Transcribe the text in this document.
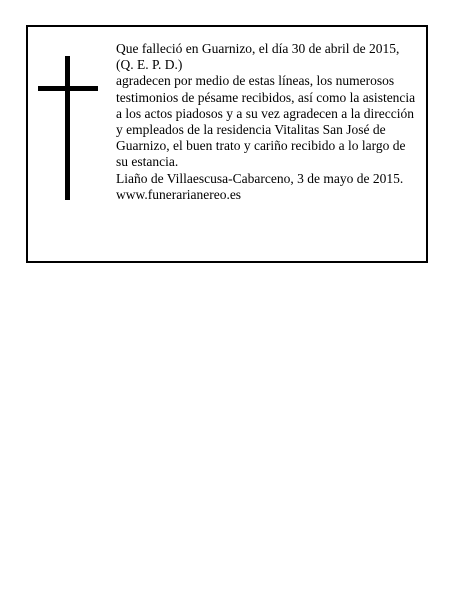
Que falleció en Guarnizo, el día 30 de abril de 2015,

(Q. E. P. D.)

agradecen por medio de estas líneas, los numerosos

testimonios de pésame recibidos, así como la asistencia

a los actos piadosos y a su vez agradecen a la dirección

y empleados de la residencia Vitalitas San José de

Guarnizo, el buen trato y cariño recibido a lo largo de

su estancia.

Liaño de Villaescusa-Cabarceno, 3 de mayo de 2015.

www.funerarianereo.es
